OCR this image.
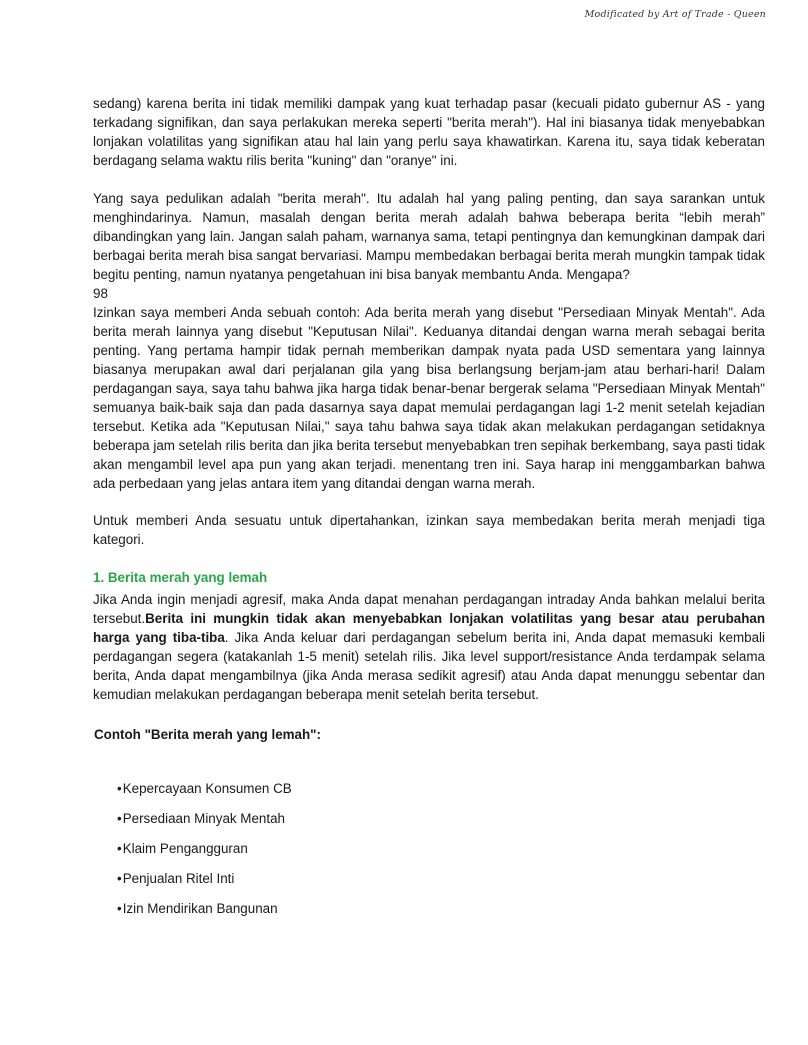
Modificated by Art of Trade - Queen

sedang) karena berita ini tidak memiliki dampak yang kuat terhadap pasar (kecuali pidato gubernur AS - yang terkadang signifikan, dan saya perlakukan mereka seperti "berita merah"). Hal ini biasanya tidak menyebabkan lonjakan volatilitas yang signifikan atau hal lain yang perlu saya khawatirkan. Karena itu, saya tidak keberatan berdagang selama waktu rilis berita "kuning" dan "oranye" ini.

Yang saya pedulikan adalah "berita merah". Itu adalah hal yang paling penting, dan saya sarankan untuk menghindarinya. Namun, masalah dengan berita merah adalah bahwa beberapa berita “lebih merah” dibandingkan yang lain. Jangan salah paham, warnanya sama, tetapi pentingnya dan kemungkinan dampak dari berbagai berita merah bisa sangat bervariasi. Mampu membedakan berbagai berita merah mungkin tampak tidak begitu penting, namun nyatanya pengetahuan ini bisa banyak membantu Anda. Mengapa?

98

Izinkan saya memberi Anda sebuah contoh: Ada berita merah yang disebut "Persediaan Minyak Mentah". Ada berita merah lainnya yang disebut "Keputusan Nilai". Keduanya ditandai dengan warna merah sebagai berita penting. Yang pertama hampir tidak pernah memberikan dampak nyata pada USD sementara yang lainnya biasanya merupakan awal dari perjalanan gila yang bisa berlangsung berjam-jam atau berhari-hari! Dalam perdagangan saya, saya tahu bahwa jika harga tidak benar-benar bergerak selama "Persediaan Minyak Mentah" semuanya baik-baik saja dan pada dasarnya saya dapat memulai perdagangan lagi 1-2 menit setelah kejadian tersebut. Ketika ada "Keputusan Nilai," saya tahu bahwa saya tidak akan melakukan perdagangan setidaknya beberapa jam setelah rilis berita dan jika berita tersebut menyebabkan tren sepihak berkembang, saya pasti tidak akan mengambil level apa pun yang akan terjadi. menentang tren ini. Saya harap ini menggambarkan bahwa ada perbedaan yang jelas antara item yang ditandai dengan warna merah.

Untuk memberi Anda sesuatu untuk dipertahankan, izinkan saya membedakan berita merah menjadi tiga kategori.

1. Berita merah yang lemah

Jika Anda ingin menjadi agresif, maka Anda dapat menahan perdagangan intraday Anda bahkan melalui berita tersebut.Berita ini mungkin tidak akan menyebabkan lonjakan volatilitas yang besar atau perubahan harga yang tiba-tiba. Jika Anda keluar dari perdagangan sebelum berita ini, Anda dapat memasuki kembali perdagangan segera (katakanlah 1-5 menit) setelah rilis. Jika level support/resistance Anda terdampak selama berita, Anda dapat mengambilnya (jika Anda merasa sedikit agresif) atau Anda dapat menunggu sebentar dan kemudian melakukan perdagangan beberapa menit setelah berita tersebut.

Contoh "Berita merah yang lemah":
•Kepercayaan Konsumen CB
•Persediaan Minyak Mentah
•Klaim Pengangguran
•Penjualan Ritel Inti
•Izin Mendirikan Bangunan
